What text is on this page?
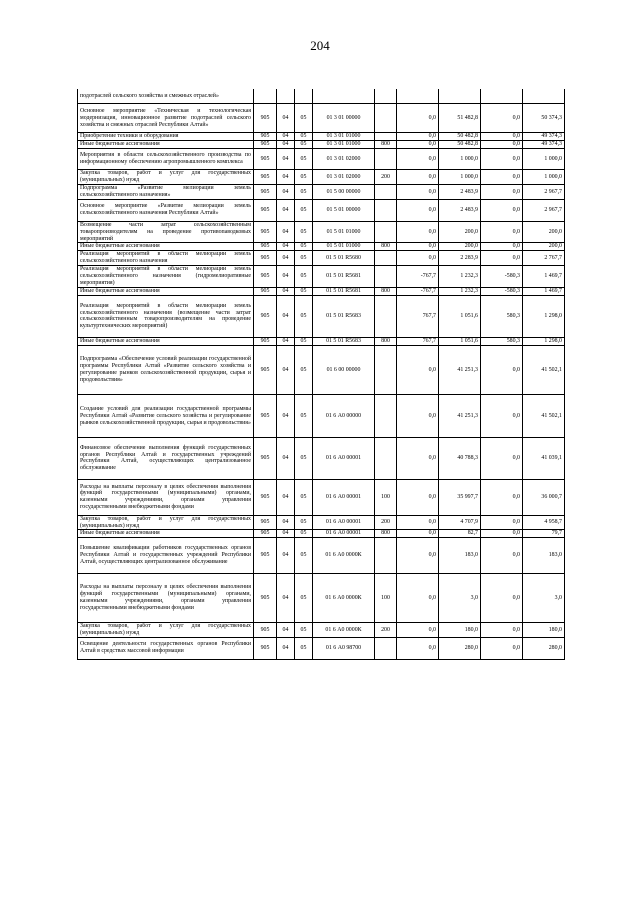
204
подотраслей сельского хозяйства и смежных отраслей»									
Основное мероприятие «Техническая и технологическая модернизация, инновационное развитие подотраслей сельского хозяйства и смежных отраслей Республики Алтай»	905	04	05	01 3 01 00000		0,0	51 482,8	0,0	50 374,3
Приобретение техники и оборудования	905	04	05	01 3 01 01000		0,0	50 482,8	0,0	49 374,3
Иные бюджетные ассигнования	905	04	05	01 3 01 01000	800	0,0	50 482,8	0,0	49 374,3
Мероприятия в области сельскохозяйственного производства по информационному обеспечению агропромышленного комплекса	905	04	05	01 3 01 02000		0,0	1 000,0	0,0	1 000,0
Закупка товаров, работ и услуг для государственных (муниципальных) нужд	905	04	05	01 3 01 02000	200	0,0	1 000,0	0,0	1 000,0
Подпрограмма «Развитие мелиорации земель сельскохозяйственного назначения»	905	04	05	01 5 00 00000		0,0	2 483,9	0,0	2 967,7
Основное мероприятие «Развитие мелиорации земель сельскохозяйственного назначения Республики Алтай»	905	04	05	01 5 01 00000		0,0	2 483,9	0,0	2 967,7
Возмещение части затрат сельскохозяйственным товаропроизводителям на проведение противопаводковых мероприятий	905	04	05	01 5 01 01000		0,0	200,0	0,0	200,0
Иные бюджетные ассигнования	905	04	05	01 5 01 01000	800	0,0	200,0	0,0	200,0
Реализация мероприятий в области мелиорации земель сельскохозяйственного назначения	905	04	05	01 5 01 R5680		0,0	2 283,9	0,0	2 767,7
Реализация мероприятий в области мелиорации земель сельскохозяйственного назначения (гидромелиоративные мероприятия)	905	04	05	01 5 01 R5681		-767,7	1 232,3	-580,3	1 469,7
Иные бюджетные ассигнования	905	04	05	01 5 01 R5681	800	-767,7	1 232,3	-580,3	1 469,7
Реализация мероприятий в области мелиорации земель сельскохозяйственного назначения (возмещение части затрат сельскохозяйственным товаропроизводителям на проведение культуртехнических мероприятий)	905	04	05	01 5 01 R5683		767,7	1 051,6	580,3	1 298,0
Иные бюджетные ассигнования	905	04	05	01 5 01 R5683	800	767,7	1 051,6	580,3	1 298,0
Подпрограмма «Обеспечение условий реализации государственной программы Республики Алтай «Развитие сельского хозяйства и регулирование рынков сельскохозяйственной продукции, сырья и продовольствия»	905	04	05	01 6 00 00000		0,0	41 251,3	0,0	41 502,1
Создание условий для реализации государственной программы Республики Алтай «Развитие сельского хозяйства и регулирование рынков сельскохозяйственной продукции, сырья и продовольствия»	905	04	05	01 6 А0 00000		0,0	41 251,3	0,0	41 502,1
Финансовое обеспечение выполнения функций государственных органов Республики Алтай и государственных учреждений Республики Алтай, осуществляющих централизованное обслуживание	905	04	05	01 6 А0 00001		0,0	40 788,3	0,0	41 039,1
Расходы на выплаты персоналу в целях обеспечения выполнения функций государственными (муниципальными) органами, казенными учреждениями, органами управления государственными внебюджетными фондами	905	04	05	01 6 А0 00001	100	0,0	35 997,7	0,0	36 000,7
Закупка товаров, работ и услуг для государственных (муниципальных) нужд	905	04	05	01 6 А0 00001	200	0,0	4 707,9	0,0	4 958,7
Иные бюджетные ассигнования	905	04	05	01 6 А0 00001	800	0,0	82,7	0,0	79,7
Повышение квалификации работников государственных органов Республики Алтай и государственных учреждений Республики Алтай, осуществляющих централизованное обслуживание	905	04	05	01 6 А0 0000К		0,0	183,0	0,0	183,0
Расходы на выплаты персоналу в целях обеспечения выполнения функций государственными (муниципальными) органами, казенными учреждениями, органами управления государственными внебюджетными фондами	905	04	05	01 6 А0 0000К	100	0,0	3,0	0,0	3,0
Закупка товаров, работ и услуг для государственных (муниципальных) нужд	905	04	05	01 6 А0 0000К	200	0,0	180,0	0,0	180,0
Освещение деятельности государственных органов Республики Алтай в средствах массовой информации	905	04	05	01 6 А0 98700		0,0	280,0	0,0	280,0
